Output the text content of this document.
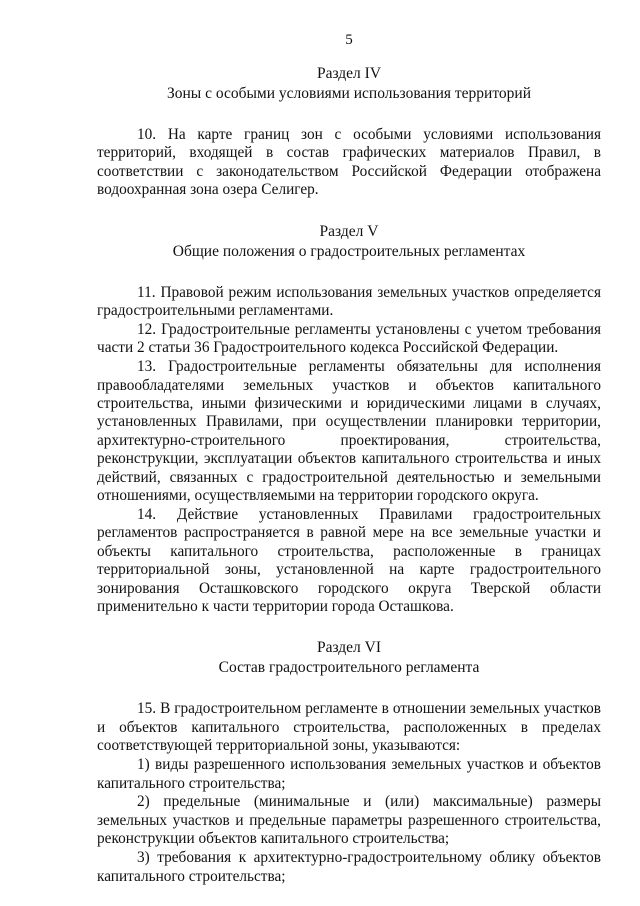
5
Раздел IV
Зоны с особыми условиями использования территорий

10. На карте границ зон с особыми условиями использования территорий, входящей в состав графических материалов Правил, в соответствии с законодательством Российской Федерации отображена водоохранная зона озера Селигер.

Раздел V
Общие положения о градостроительных регламентах

11. Правовой режим использования земельных участков определяется градостроительными регламентами.

12. Градостроительные регламенты установлены с учетом требования части 2 статьи 36 Градостроительного кодекса Российской Федерации.

13. Градостроительные регламенты обязательны для исполнения правообладателями земельных участков и объектов капитального строительства, иными физическими и юридическими лицами в случаях, установленных Правилами, при осуществлении планировки территории, архитектурно-строительного проектирования, строительства, реконструкции, эксплуатации объектов капитального строительства и иных действий, связанных с градостроительной деятельностью и земельными отношениями, осуществляемыми на территории городского округа.

14. Действие установленных Правилами градостроительных регламентов распространяется в равной мере на все земельные участки и объекты капитального строительства, расположенные в границах территориальной зоны, установленной на карте градостроительного зонирования Осташковского городского округа Тверской области применительно к части территории города Осташкова.

Раздел VI
Состав градостроительного регламента

15. В градостроительном регламенте в отношении земельных участков и объектов капитального строительства, расположенных в пределах соответствующей территориальной зоны, указываются:

1) виды разрешенного использования земельных участков и объектов капитального строительства;

2) предельные (минимальные и (или) максимальные) размеры земельных участков и предельные параметры разрешенного строительства, реконструкции объектов капитального строительства;

3) требования к архитектурно-градостроительному облику объектов капитального строительства;
